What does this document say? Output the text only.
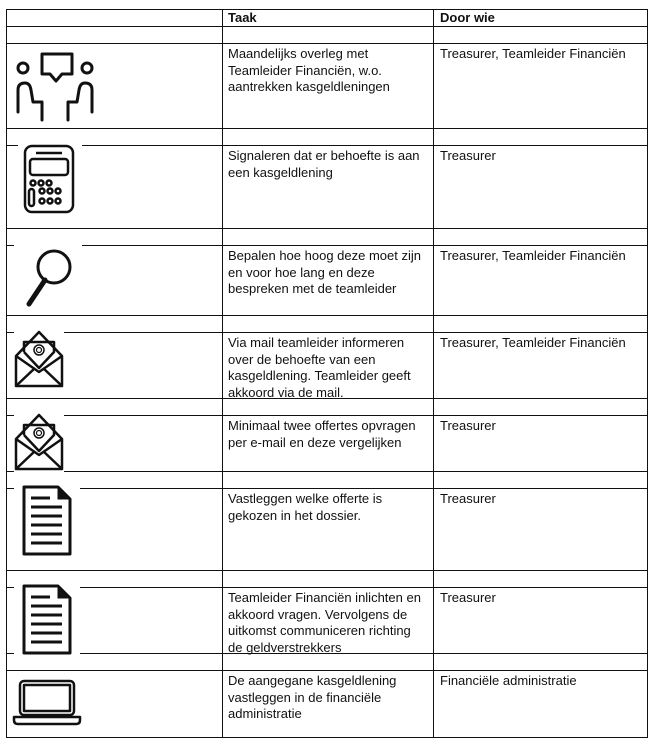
Taak	Door wie
Maandelijks overleg met Teamleider Financiën, w.o. aantrekken kasgeldleningen
Treasurer, Teamleider Financiën
Signaleren dat er behoefte is aan een kasgeldlening
Treasurer
Bepalen hoe hoog deze moet zijn en voor hoe lang en deze bespreken met de teamleider
Treasurer, Teamleider Financiën
Via mail teamleider informeren over de behoefte van een kasgeldlening. Teamleider geeft akkoord via de mail.
Treasurer, Teamleider Financiën
Minimaal twee offertes opvragen per e-mail en deze vergelijken
Treasurer
Vastleggen welke offerte is gekozen in het dossier.
Treasurer
Teamleider Financiën inlichten en akkoord vragen. Vervolgens de uitkomst communiceren richting de geldverstrekkers
Treasurer
De aangegane kasgeldlening vastleggen in de financiële administratie
Financiële administratie
